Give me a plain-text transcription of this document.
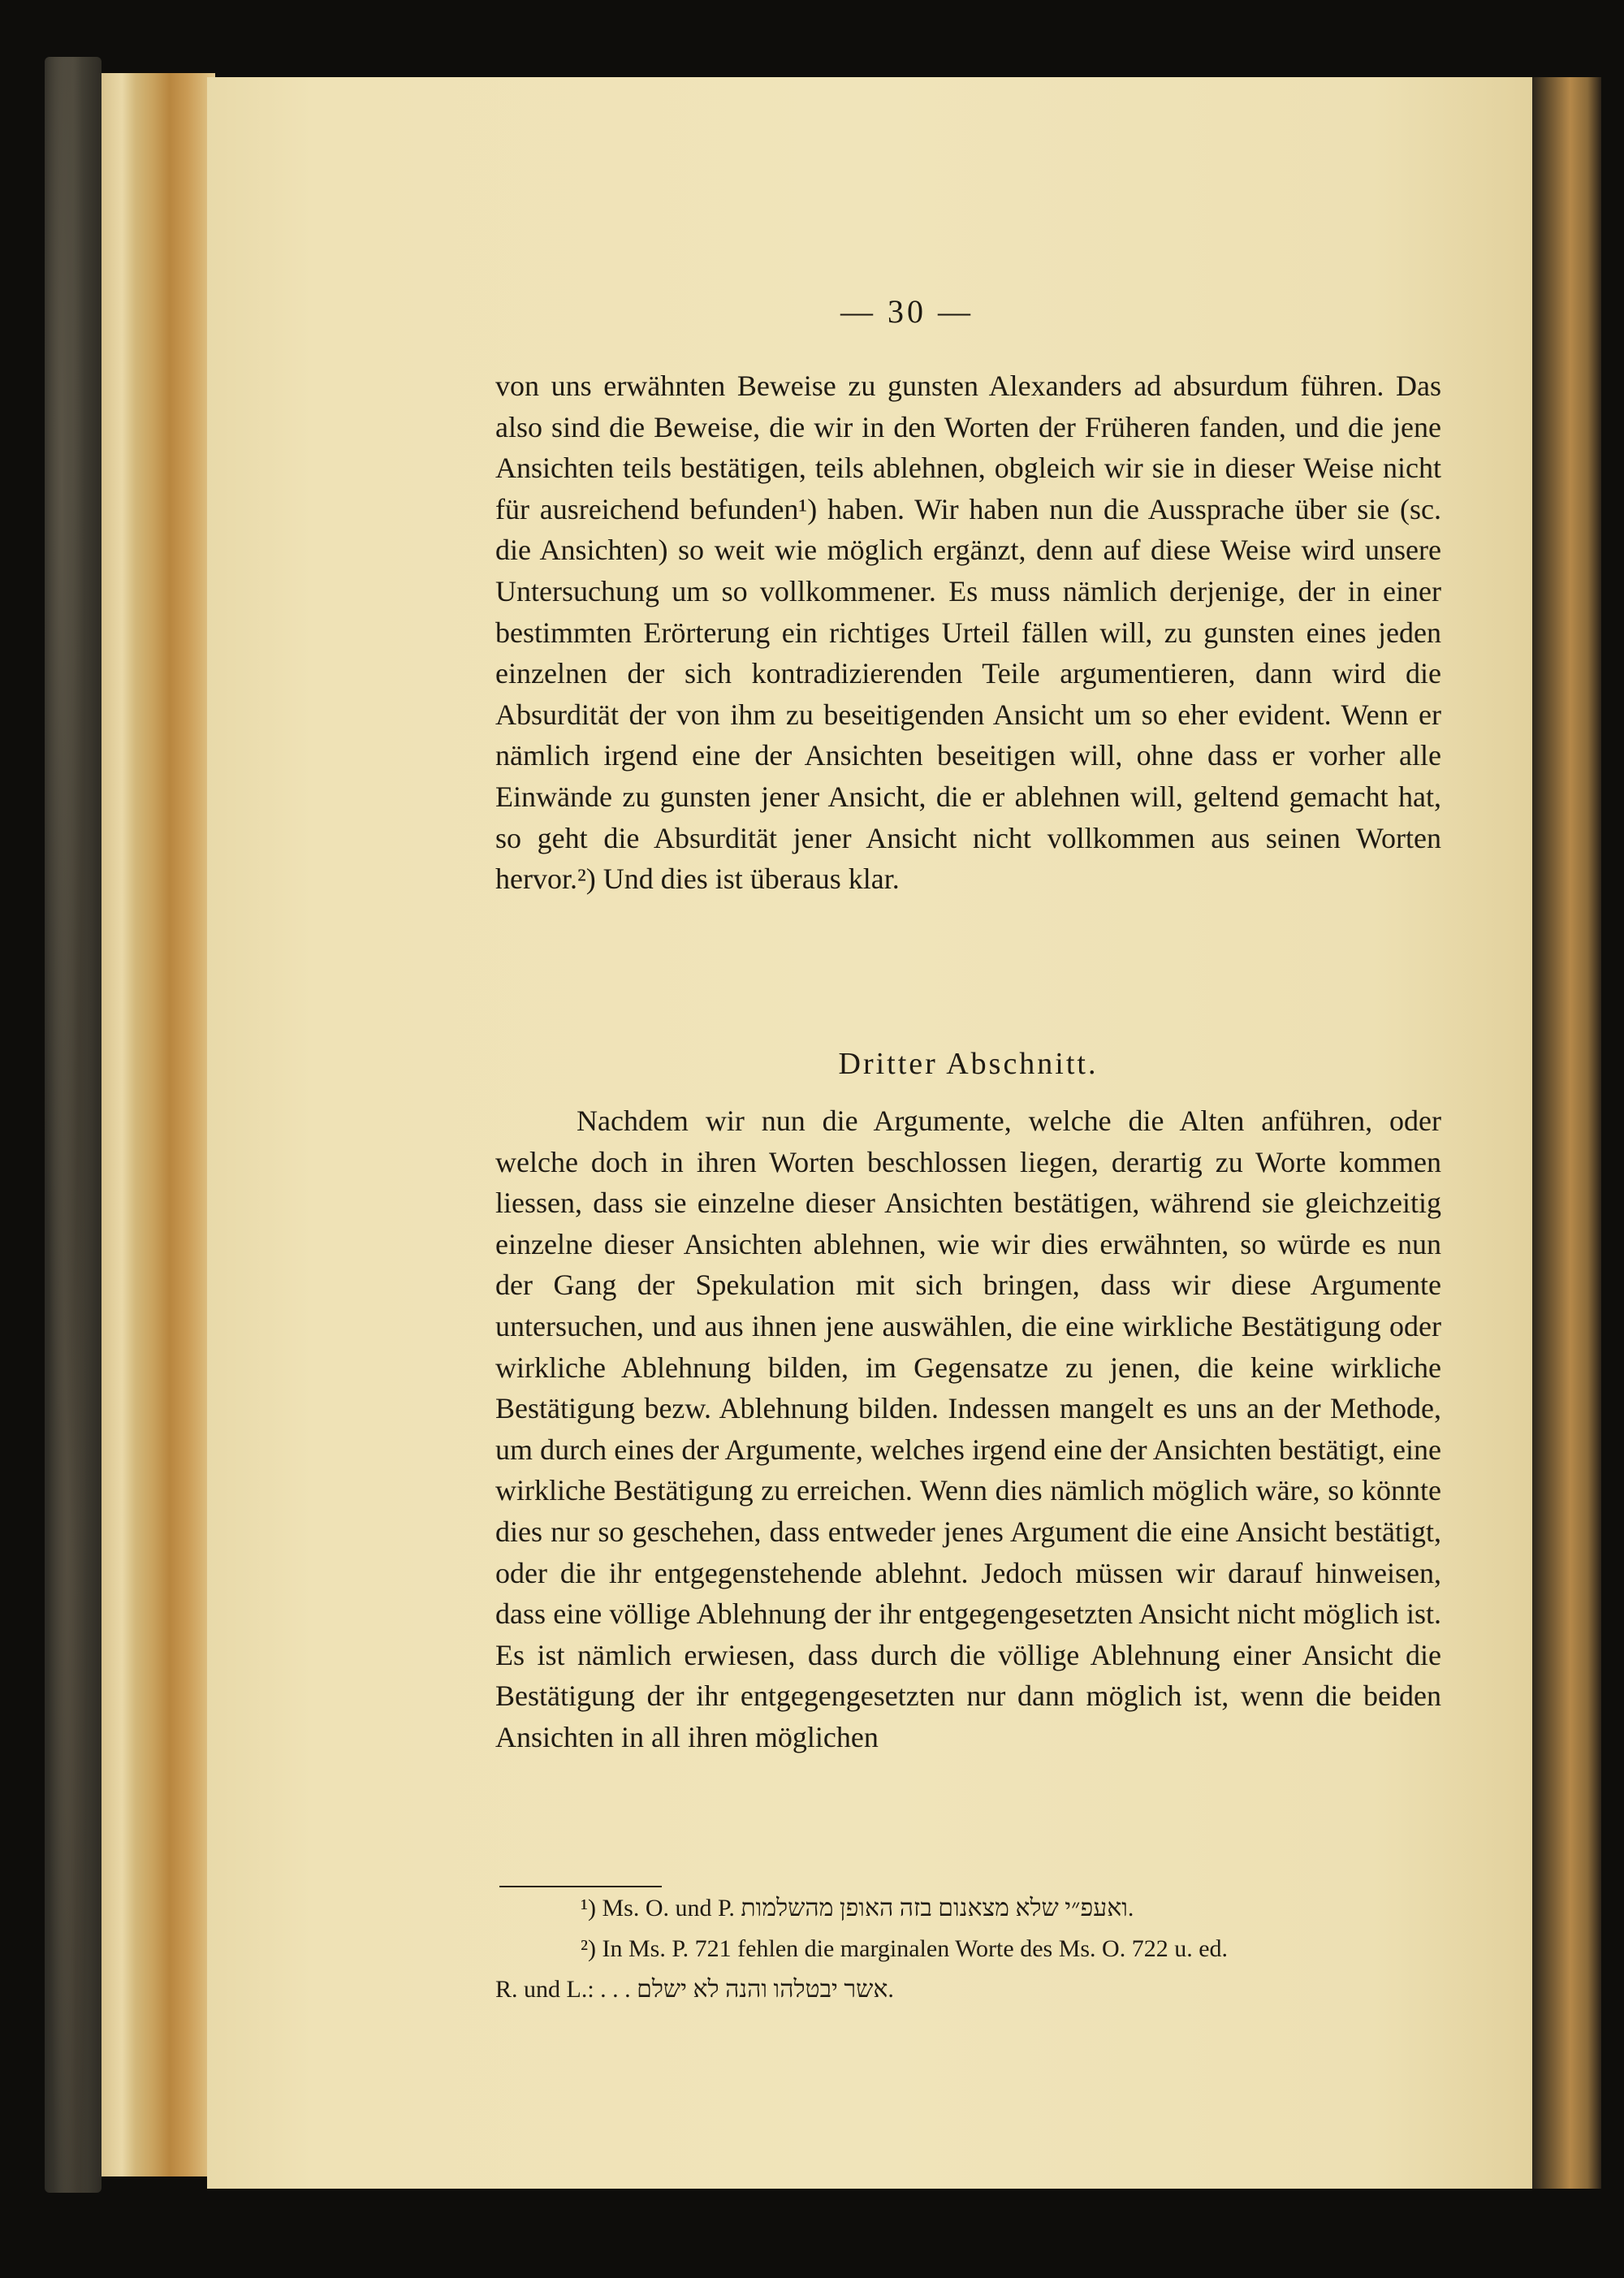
— 30 —
von uns erwähnten Beweise zu gunsten Alexanders ad absurdum führen. Das also sind die Beweise, die wir in den Worten der Früheren fanden, und die jene Ansichten teils bestätigen, teils ablehnen, obgleich wir sie in dieser Weise nicht für ausreichend befunden¹) haben. Wir haben nun die Aussprache über sie (sc. die Ansichten) so weit wie möglich ergänzt, denn auf diese Weise wird unsere Untersuchung um so vollkommener. Es muss nämlich derjenige, der in einer bestimmten Erörterung ein richtiges Urteil fällen will, zu gunsten eines jeden einzelnen der sich kontradizierenden Teile argumentieren, dann wird die Absurdität der von ihm zu beseitigenden Ansicht um so eher evident. Wenn er nämlich irgend eine der Ansichten beseitigen will, ohne dass er vorher alle Einwände zu gunsten jener Ansicht, die er ablehnen will, geltend gemacht hat, so geht die Absurdität jener Ansicht nicht vollkommen aus seinen Worten hervor.²) Und dies ist überaus klar.
Dritter Abschnitt.
Nachdem wir nun die Argumente, welche die Alten anführen, oder welche doch in ihren Worten beschlossen liegen, derartig zu Worte kommen liessen, dass sie einzelne dieser Ansichten bestätigen, während sie gleichzeitig einzelne dieser Ansichten ablehnen, wie wir dies erwähnten, so würde es nun der Gang der Spekulation mit sich bringen, dass wir diese Argumente untersuchen, und aus ihnen jene auswählen, die eine wirkliche Bestätigung oder wirkliche Ablehnung bilden, im Gegensatze zu jenen, die keine wirkliche Bestätigung bezw. Ablehnung bilden. Indessen mangelt es uns an der Methode, um durch eines der Argumente, welches irgend eine der Ansichten bestätigt, eine wirkliche Bestätigung zu erreichen. Wenn dies nämlich möglich wäre, so könnte dies nur so geschehen, dass entweder jenes Argument die eine Ansicht bestätigt, oder die ihr entgegenstehende ablehnt. Jedoch müssen wir darauf hinweisen, dass eine völlige Ablehnung der ihr entgegengesetzten Ansicht nicht möglich ist. Es ist nämlich erwiesen, dass durch die völlige Ablehnung einer Ansicht die Bestätigung der ihr entgegengesetzten nur dann möglich ist, wenn die beiden Ansichten in all ihren möglichen
¹) Ms. O. und P. ואעפ״י שלא מצאנום בזה האופן מהשלמות.
²) In Ms. P. 721 fehlen die marginalen Worte des Ms. O. 722 u. ed.
R. und L.: . . . אשר יבטלהו והנה לא ישלם.
